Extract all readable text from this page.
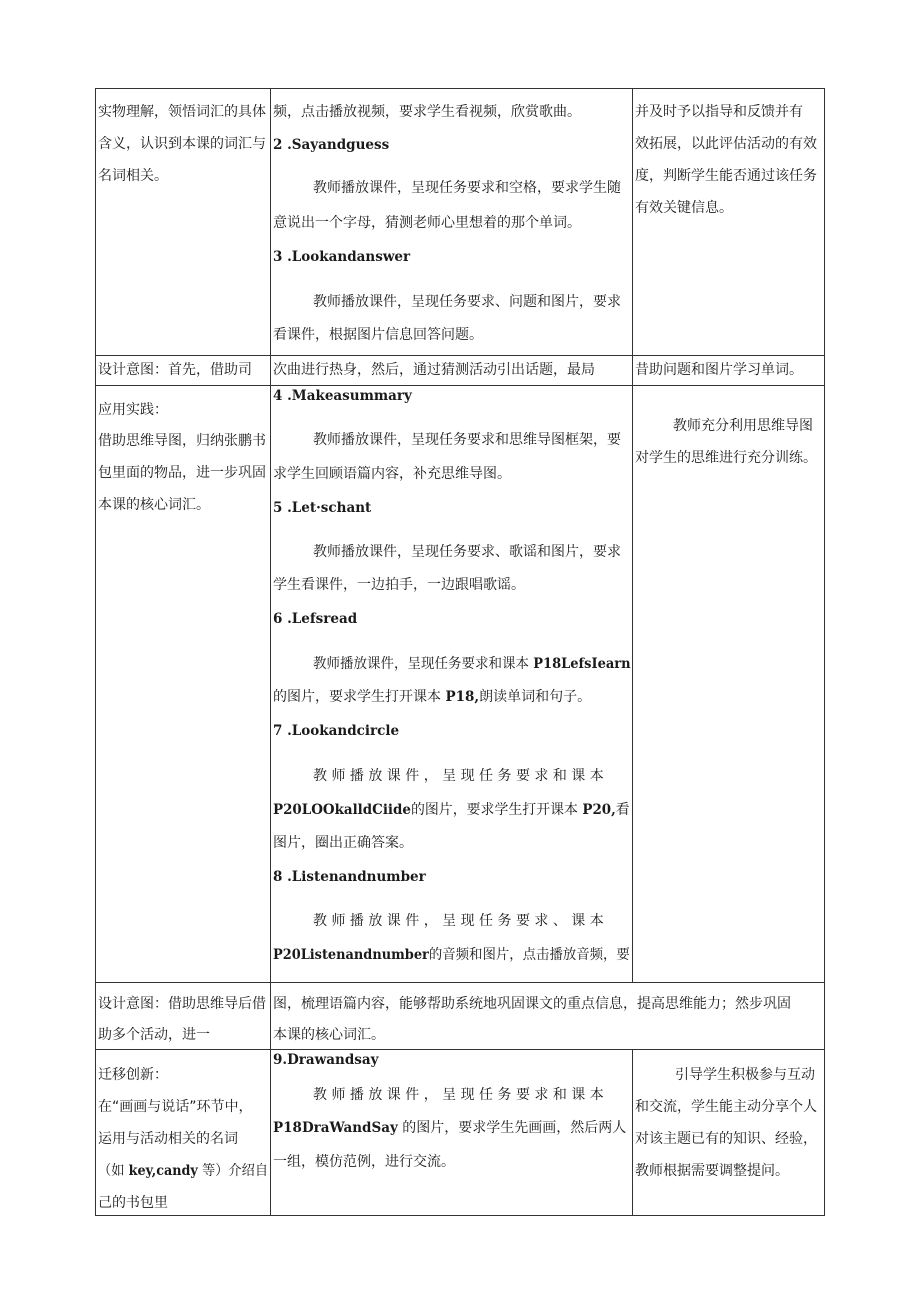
实物理解，领悟词汇的具体
含义，认识到本课的词汇与
名词相关。
频，点击播放视频，要求学生看视频，欣赏歌曲。
2 .Sayandguess
教师播放课件，呈现任务要求和空格，要求学生随
意说出一个字母，猜测老师心里想着的那个单词。
3 .Lookandanswer
教师播放课件，呈现任务要求、问题和图片，要求
看课件，根据图片信息回答问题。
并及时予以指导和反馈并有
效拓展，以此评估活动的有效
度，判断学生能否通过该任务
有效关键信息。
设计意图：首先，借助司 次曲进行热身，然后，通过猜测活动引出话题，最局	昔助问题和图片学习单词。
应用实践：
借助思维导图，归纳张鹏书
包里面的物品，进一步巩固
本课的核心词汇。
4 .Makeasummary
教师播放课件，呈现任务要求和思维导图框架，要
求学生回顾语篇内容，补充思维导图。
5 .Let·schant
教师播放课件，呈现任务要求、歌谣和图片，要求
学生看课件，一边拍手，一边跟唱歌谣。
6 .Lefsread
教师播放课件，呈现任务要求和课本 P18LefsIearn
的图片，要求学生打开课本 P18,朗读单词和句子。
7 .Lookandcircle
教 师 播 放 课 件 ， 呈 现 任 务 要 求 和 课 本
P20LOOkalldCiide的图片，要求学生打开课本 P20,看
图片，圈出正确答案。
8 .Listenandnumber
教 师 播 放 课 件 ， 呈 现 任 务 要 求 、 课 本
P20Listenandnumber的音频和图片，点击播放音频，要
教师充分利用思维导图
对学生的思维进行充分训练。
设计意图：借助思维导后借
助多个活动，进一
图，梳理语篇内容，能够帮助系统地巩固课文的重点信息，提高思维能力；然步巩固
本课的核心词汇。
迁移创新：
在“画画与说话”环节中，
运用与活动相关的名词
（如 key,candy 等）介绍自
己的书包里
9.Drawandsay
教 师 播 放 课 件 ， 呈 现 任 务 要 求 和 课 本
P18DraWandSay 的图片，要求学生先画画，然后两人
一组，模仿范例，进行交流。
引导学生积极参与互动
和交流，学生能主动分享个人
对该主题已有的知识、经验，
教师根据需要调整提问。
